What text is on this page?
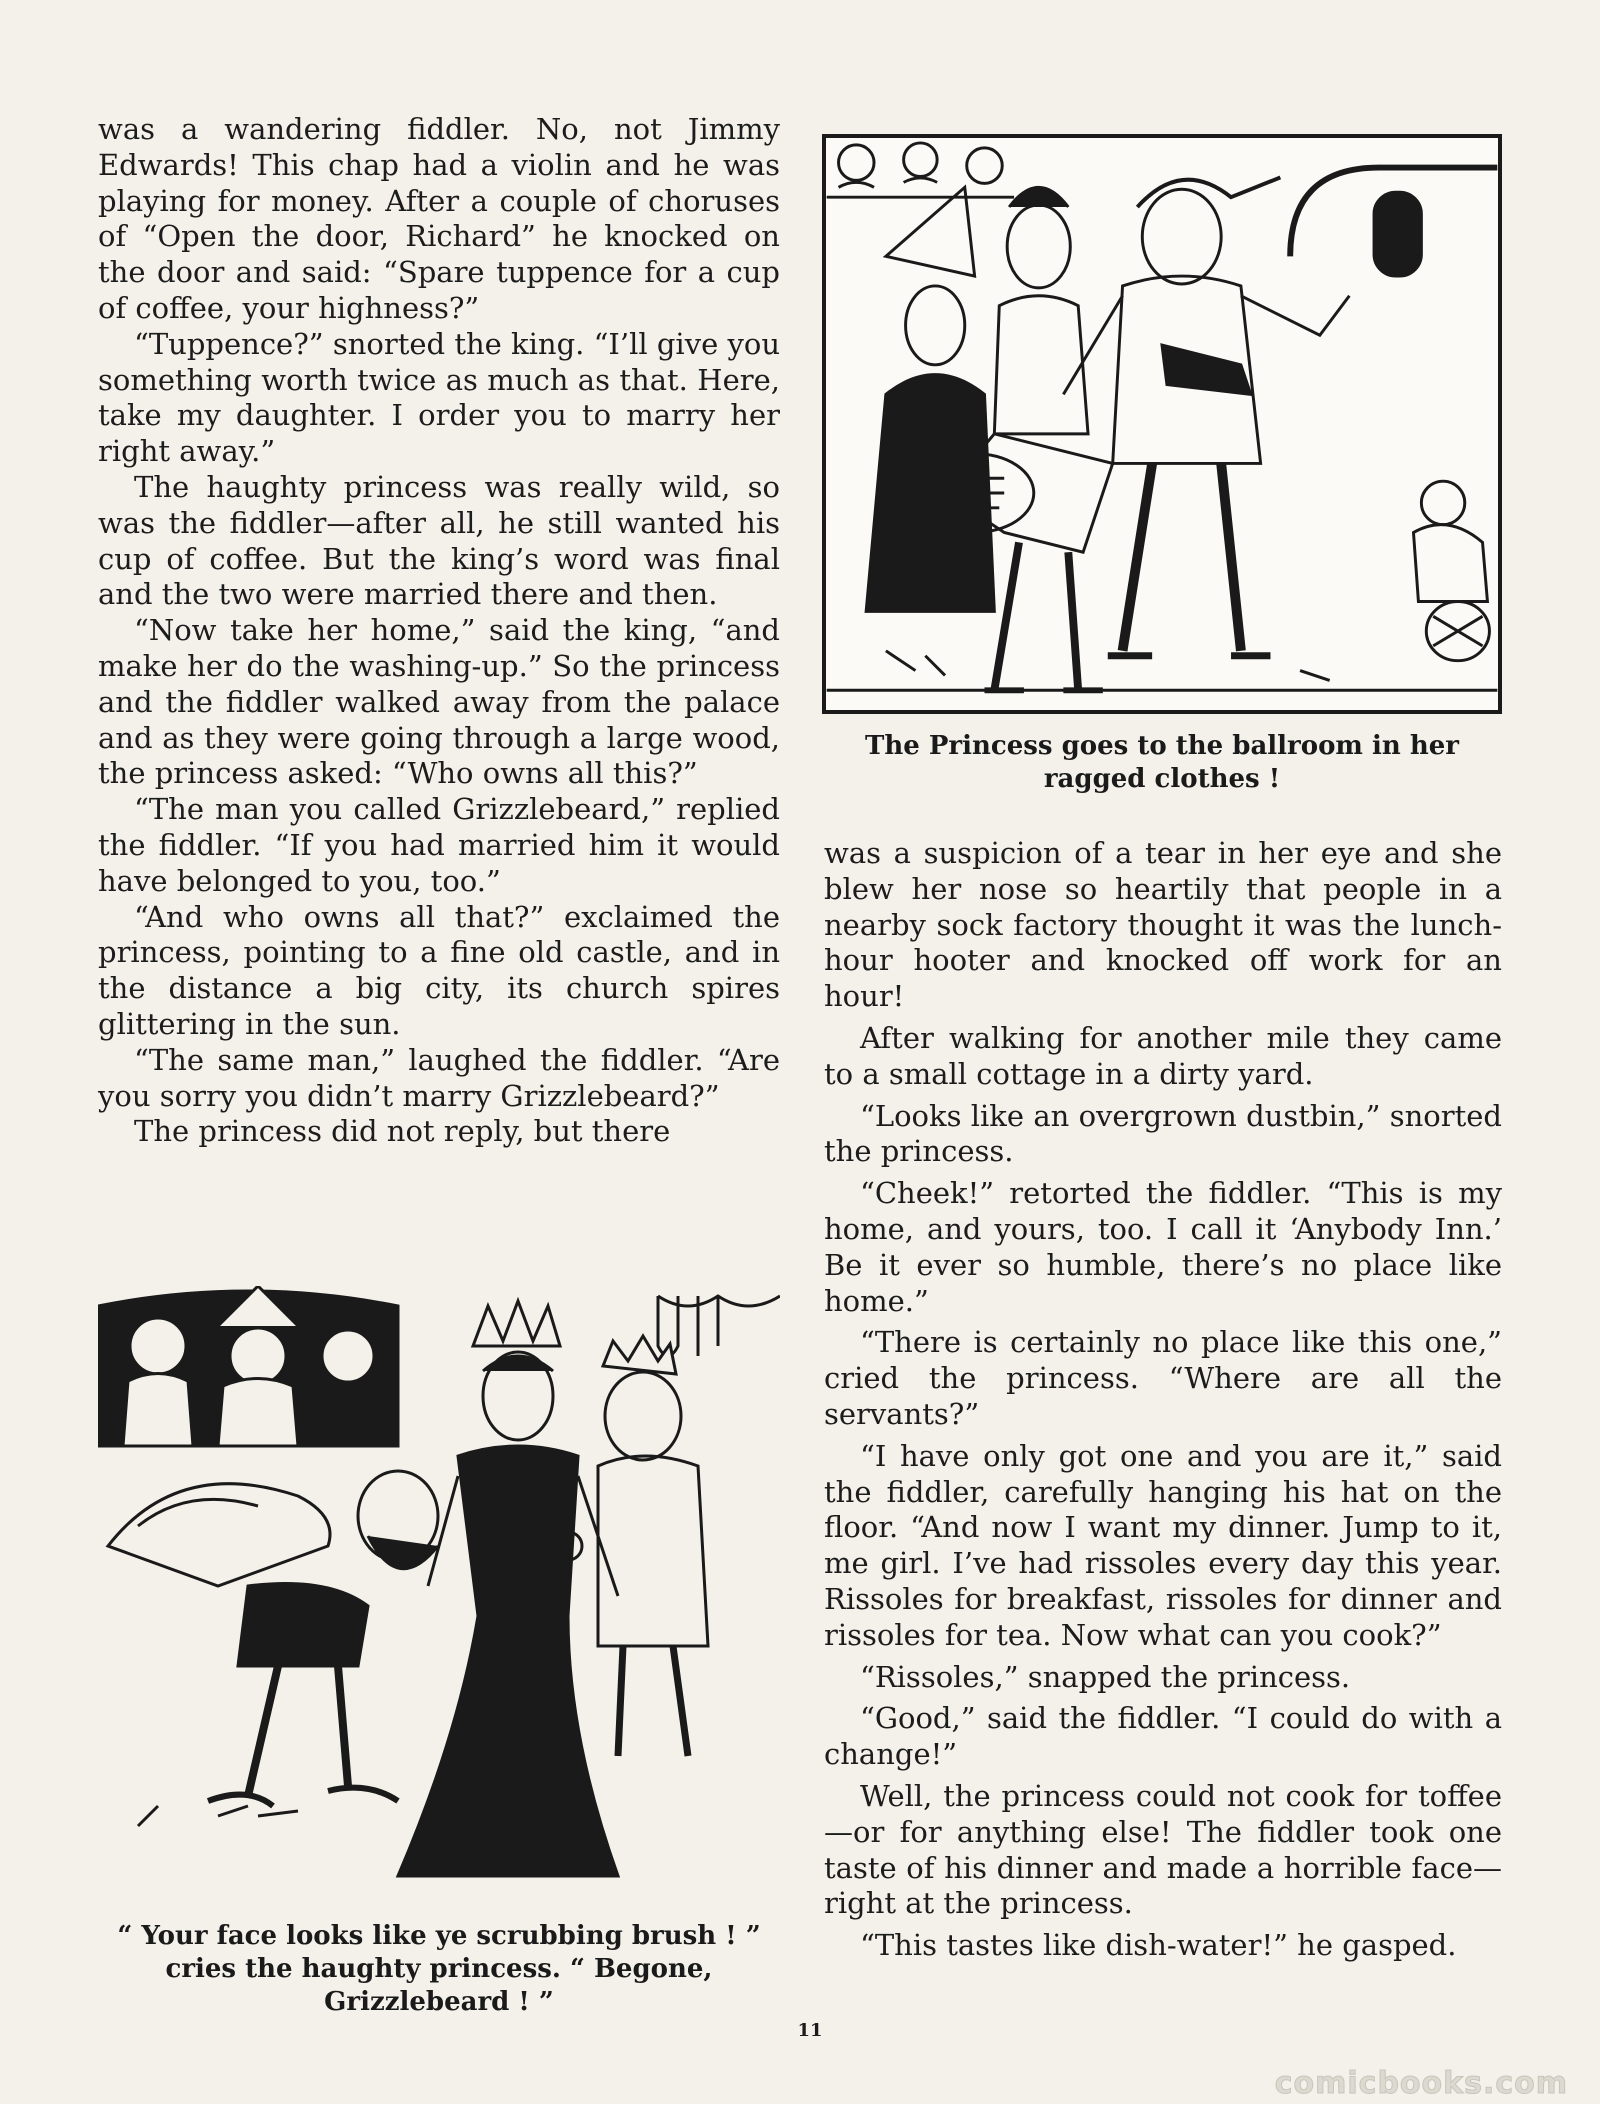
was a wandering fiddler. No, not Jimmy Edwards! This chap had a violin and he was playing for money. After a couple of choruses of “Open the door, Richard” he knocked on the door and said: “Spare tuppence for a cup of coffee, your highness?”

“Tuppence?” snorted the king. “I’ll give you something worth twice as much as that. Here, take my daughter. I order you to marry her right away.”

The haughty princess was really wild, so was the fiddler—after all, he still wanted his cup of coffee. But the king’s word was final and the two were married there and then.

“Now take her home,” said the king, “and make her do the washing-up.” So the princess and the fiddler walked away from the palace and as they were going through a large wood, the princess asked: “Who owns all this?”

“The man you called Grizzlebeard,” replied the fiddler. “If you had married him it would have belonged to you, too.”

“And who owns all that?” exclaimed the princess, pointing to a fine old castle, and in the distance a big city, its church spires glittering in the sun.

“The same man,” laughed the fiddler. “Are you sorry you didn’t marry Grizzlebeard?”

The princess did not reply, but there

The Princess goes to the ballroom in her
ragged clothes !

was a suspicion of a tear in her eye and she blew her nose so heartily that people in a nearby sock factory thought it was the lunch-hour hooter and knocked off work for an hour!

After walking for another mile they came to a small cottage in a dirty yard.

“Looks like an overgrown dustbin,” snorted the princess.

“Cheek!” retorted the fiddler. “This is my home, and yours, too. I call it ‘Anybody Inn.’ Be it ever so humble, there’s no place like home.”

“There is certainly no place like this one,” cried the princess. “Where are all the servants?”

“I have only got one and you are it,” said the fiddler, carefully hanging his hat on the floor. “And now I want my dinner. Jump to it, me girl. I’ve had rissoles every day this year. Rissoles for breakfast, rissoles for dinner and rissoles for tea. Now what can you cook?”

“Rissoles,” snapped the princess.

“Good,” said the fiddler. “I could do with a change!”

Well, the princess could not cook for toffee—or for anything else! The fiddler took one taste of his dinner and made a horrible face—right at the princess.

“This tastes like dish-water!” he gasped.

“ Your face looks like ye scrubbing brush ! ”
cries the haughty princess. “ Begone,
Grizzlebeard ! ”
11
comicbooks.com
